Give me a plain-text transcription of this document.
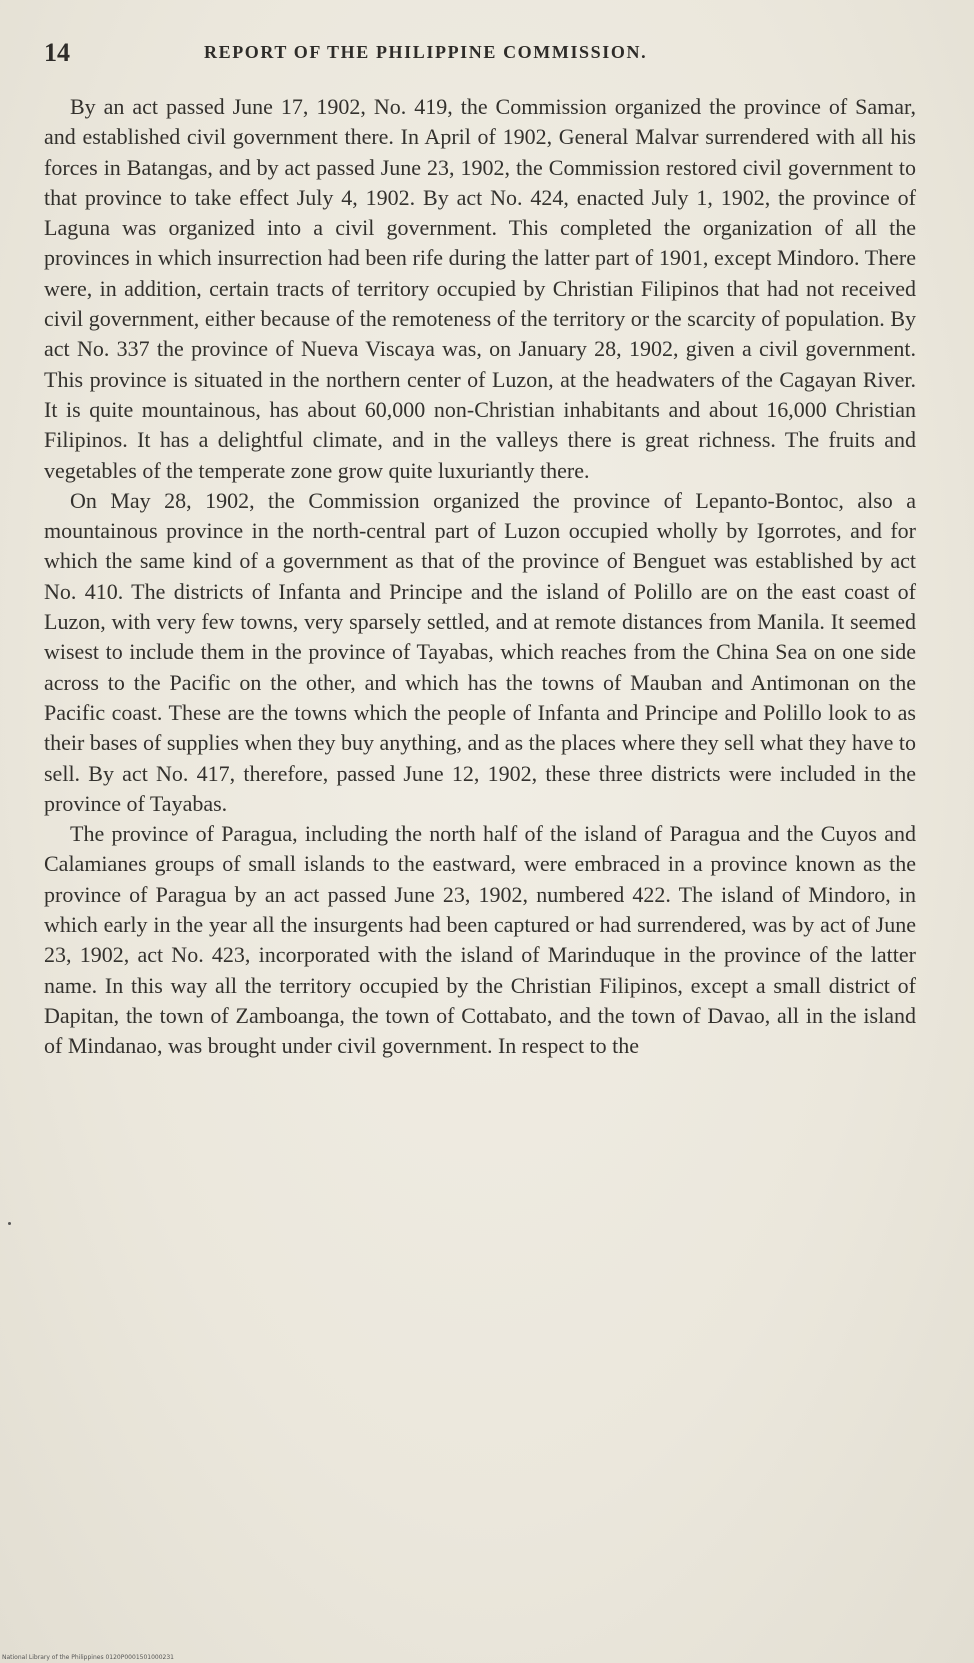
14	REPORT OF THE PHILIPPINE COMMISSION.

By an act passed June 17, 1902, No. 419, the Commission organized the province of Samar, and established civil government there. In April of 1902, General Malvar surrendered with all his forces in Batangas, and by act passed June 23, 1902, the Commission restored civil government to that province to take effect July 4, 1902. By act No. 424, enacted July 1, 1902, the province of Laguna was organized into a civil government. This completed the organization of all the provinces in which insurrection had been rife during the latter part of 1901, except Mindoro. There were, in addition, certain tracts of territory occupied by Christian Filipinos that had not received civil government, either because of the remoteness of the territory or the scarcity of population. By act No. 337 the province of Nueva Viscaya was, on January 28, 1902, given a civil government. This province is situated in the northern center of Luzon, at the headwaters of the Cagayan River. It is quite mountainous, has about 60,000 non-Christian inhabitants and about 16,000 Christian Filipinos. It has a delightful climate, and in the valleys there is great richness. The fruits and vegetables of the temperate zone grow quite luxuriantly there.

On May 28, 1902, the Commission organized the province of Lepanto-Bontoc, also a mountainous province in the north-central part of Luzon occupied wholly by Igorrotes, and for which the same kind of a government as that of the province of Benguet was established by act No. 410. The districts of Infanta and Principe and the island of Polillo are on the east coast of Luzon, with very few towns, very sparsely settled, and at remote distances from Manila. It seemed wisest to include them in the province of Tayabas, which reaches from the China Sea on one side across to the Pacific on the other, and which has the towns of Mauban and Antimonan on the Pacific coast. These are the towns which the people of Infanta and Principe and Polillo look to as their bases of supplies when they buy anything, and as the places where they sell what they have to sell. By act No. 417, therefore, passed June 12, 1902, these three districts were included in the province of Tayabas.

The province of Paragua, including the north half of the island of Paragua and the Cuyos and Calamianes groups of small islands to the eastward, were embraced in a province known as the province of Paragua by an act passed June 23, 1902, numbered 422. The island of Mindoro, in which early in the year all the insurgents had been captured or had surrendered, was by act of June 23, 1902, act No. 423, incorporated with the island of Marinduque in the province of the latter name. In this way all the territory occupied by the Christian Filipinos, except a small district of Dapitan, the town of Zamboanga, the town of Cottabato, and the town of Davao, all in the island of Mindanao, was brought under civil government. In respect to the

National Library of the Philippines 0120P0001501000231
